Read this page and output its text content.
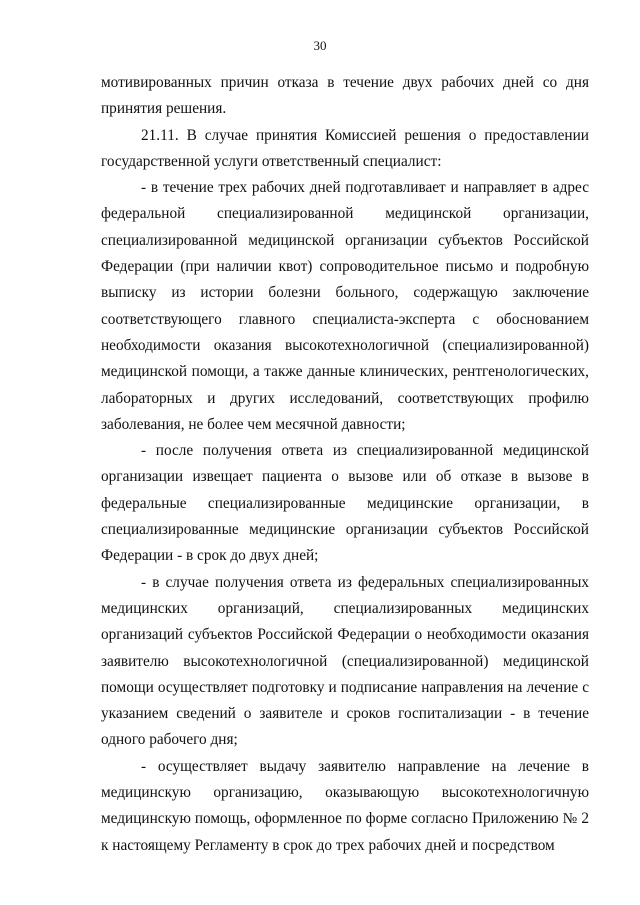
30

мотивированных причин отказа в течение двух рабочих дней со дня принятия решения.

21.11. В случае принятия Комиссией решения о предоставлении государственной услуги ответственный специалист:

- в течение трех рабочих дней подготавливает и направляет в адрес федеральной специализированной медицинской организации, специализированной медицинской организации субъектов Российской Федерации (при наличии квот) сопроводительное письмо и подробную выписку из истории болезни больного, содержащую заключение соответствующего главного специалиста-эксперта с обоснованием необходимости оказания высокотехнологичной (специализированной) медицинской помощи, а также данные клинических, рентгенологических, лабораторных и других исследований, соответствующих профилю заболевания, не более чем месячной давности;

- после получения ответа из специализированной медицинской организации извещает пациента о вызове или об отказе в вызове в федеральные специализированные медицинские организации, в специализированные медицинские организации субъектов Российской Федерации - в срок до двух дней;

- в случае получения ответа из федеральных специализированных медицинских организаций, специализированных медицинских организаций субъектов Российской Федерации о необходимости оказания заявителю высокотехнологичной (специализированной) медицинской помощи осуществляет подготовку и подписание направления на лечение с указанием сведений о заявителе и сроков госпитализации - в течение одного рабочего дня;

- осуществляет выдачу заявителю направление на лечение в медицинскую организацию, оказывающую высокотехнологичную медицинскую помощь, оформленное по форме согласно Приложению № 2 к настоящему Регламенту в срок до трех рабочих дней и посредством
